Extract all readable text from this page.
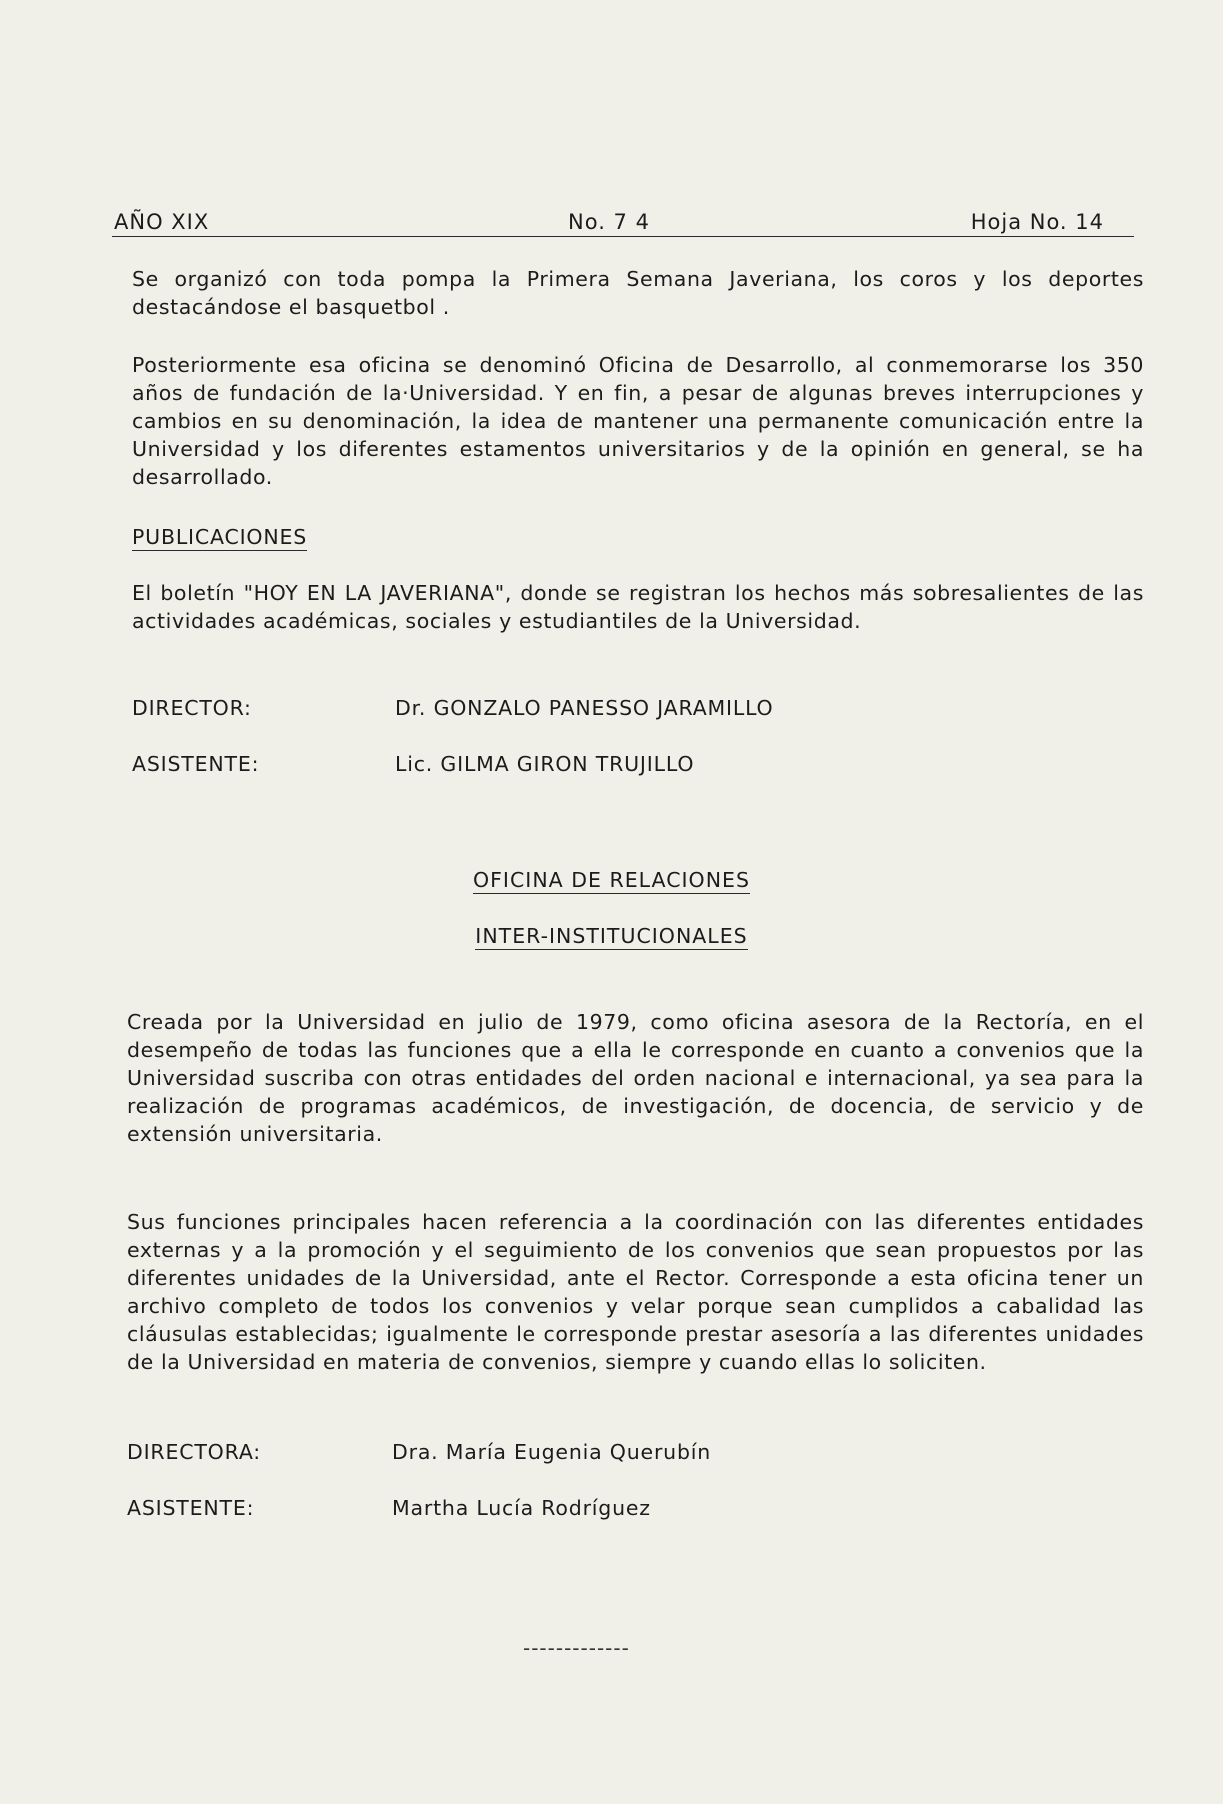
AÑO XIX	No. 7 4	Hoja No. 14

Se organizó con toda pompa la Primera Semana Javeriana, los coros y los deportes destacándose el basquetbol .

Posteriormente esa oficina se denominó Oficina de Desarrollo, al conmemorarse los 350 años de fundación de la·Universidad. Y en fin, a pesar de algunas breves interrupciones y cambios en su denominación, la idea de mantener una permanente comunicación entre la Universidad y los diferentes estamentos universitarios y de la opinión en general, se ha desarrollado.

PUBLICACIONES

El boletín "HOY EN LA JAVERIANA", donde se registran los hechos más sobresalientes de las actividades académicas, sociales y estudiantiles de la Universidad.

DIRECTOR:	Dr. GONZALO PANESSO JARAMILLO
ASISTENTE:	Lic. GILMA GIRON TRUJILLO
OFICINA DE RELACIONES
INTER-INSTITUCIONALES

Creada por la Universidad en julio de 1979, como oficina asesora de la Rectoría, en el desempeño de todas las funciones que a ella le corresponde en cuanto a convenios que la Universidad suscriba con otras entidades del orden nacional e internacional, ya sea para la realización de programas académicos, de investigación, de docencia, de servicio y de extensión universitaria.

Sus funciones principales hacen referencia a la coordinación con las diferentes entidades externas y a la promoción y el seguimiento de los convenios que sean propuestos por las diferentes unidades de la Universidad, ante el Rector. Corresponde a esta oficina tener un archivo completo de todos los convenios y velar porque sean cumplidos a cabalidad las cláusulas establecidas; igualmente le corresponde prestar asesoría a las diferentes unidades de la Universidad en materia de convenios, siempre y cuando ellas lo soliciten.

DIRECTORA:	Dra. María Eugenia Querubín
ASISTENTE:	Martha Lucía Rodríguez
-------------
